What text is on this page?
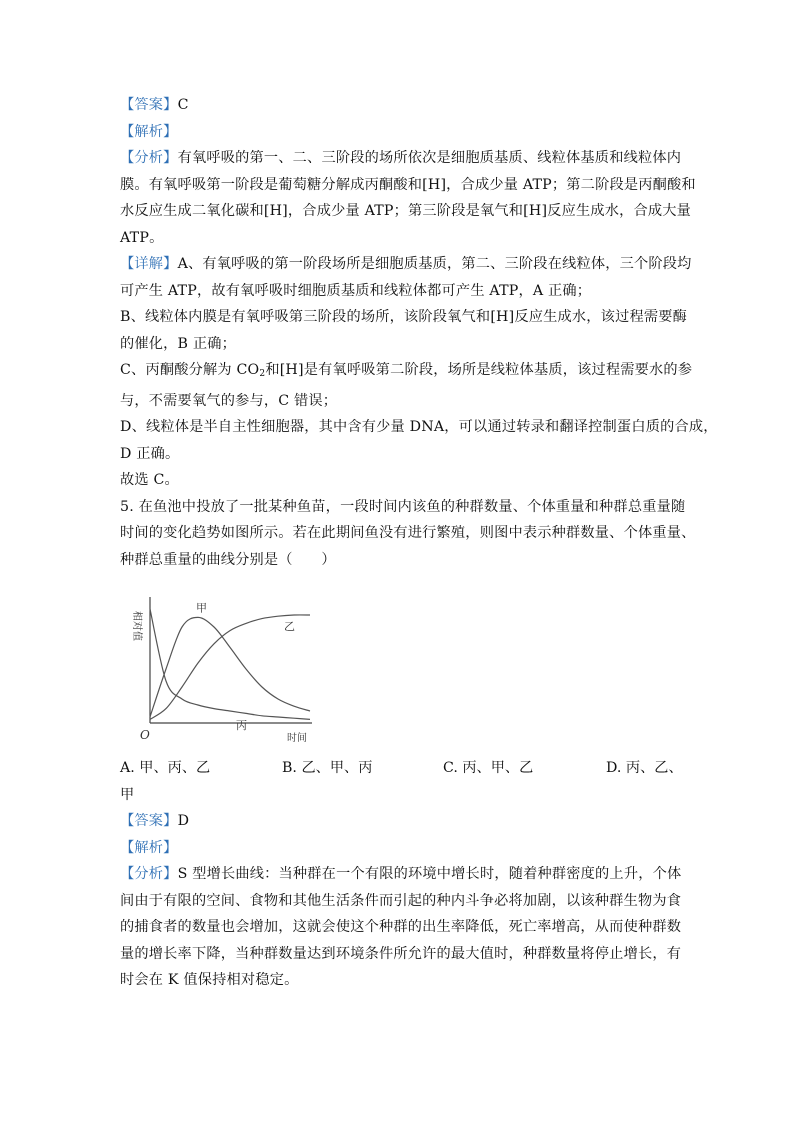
【答案】C
【解析】
【分析】有氧呼吸的第一、二、三阶段的场所依次是细胞质基质、线粒体基质和线粒体内
膜。有氧呼吸第一阶段是葡萄糖分解成丙酮酸和[H]，合成少量 ATP；第二阶段是丙酮酸和
水反应生成二氧化碳和[H]，合成少量 ATP；第三阶段是氧气和[H]反应生成水，合成大量
ATP。
【详解】A、有氧呼吸的第一阶段场所是细胞质基质，第二、三阶段在线粒体，三个阶段均
可产生 ATP，故有氧呼吸时细胞质基质和线粒体都可产生 ATP，A 正确；
B、线粒体内膜是有氧呼吸第三阶段的场所，该阶段氧气和[H]反应生成水，该过程需要酶
的催化，B 正确；
C、丙酮酸分解为 $CO_2$和[H]是有氧呼吸第二阶段，场所是线粒体基质，该过程需要水的参
与，不需要氧气的参与，C 错误；
D、线粒体是半自主性细胞器，其中含有少量 DNA，可以通过转录和翻译控制蛋白质的合成，
D 正确。
故选 C。
5. 在鱼池中投放了一批某种鱼苗，一段时间内该鱼的种群数量、个体重量和种群总重量随
时间的变化趋势如图所示。若在此期间鱼没有进行繁殖，则图中表示种群数量、个体重量、
种群总重量的曲线分别是（　　）
相对值
时间
O
甲
乙
丙
A. 甲、丙、乙	B. 乙、甲、丙	C. 丙、甲、乙	D. 丙、乙、
甲
【答案】D
【解析】
【分析】S 型增长曲线：当种群在一个有限的环境中增长时，随着种群密度的上升，个体
间由于有限的空间、食物和其他生活条件而引起的种内斗争必将加剧，以该种群生物为食
的捕食者的数量也会增加，这就会使这个种群的出生率降低，死亡率增高，从而使种群数
量的增长率下降，当种群数量达到环境条件所允许的最大值时，种群数量将停止增长，有
时会在 K 值保持相对稳定。
